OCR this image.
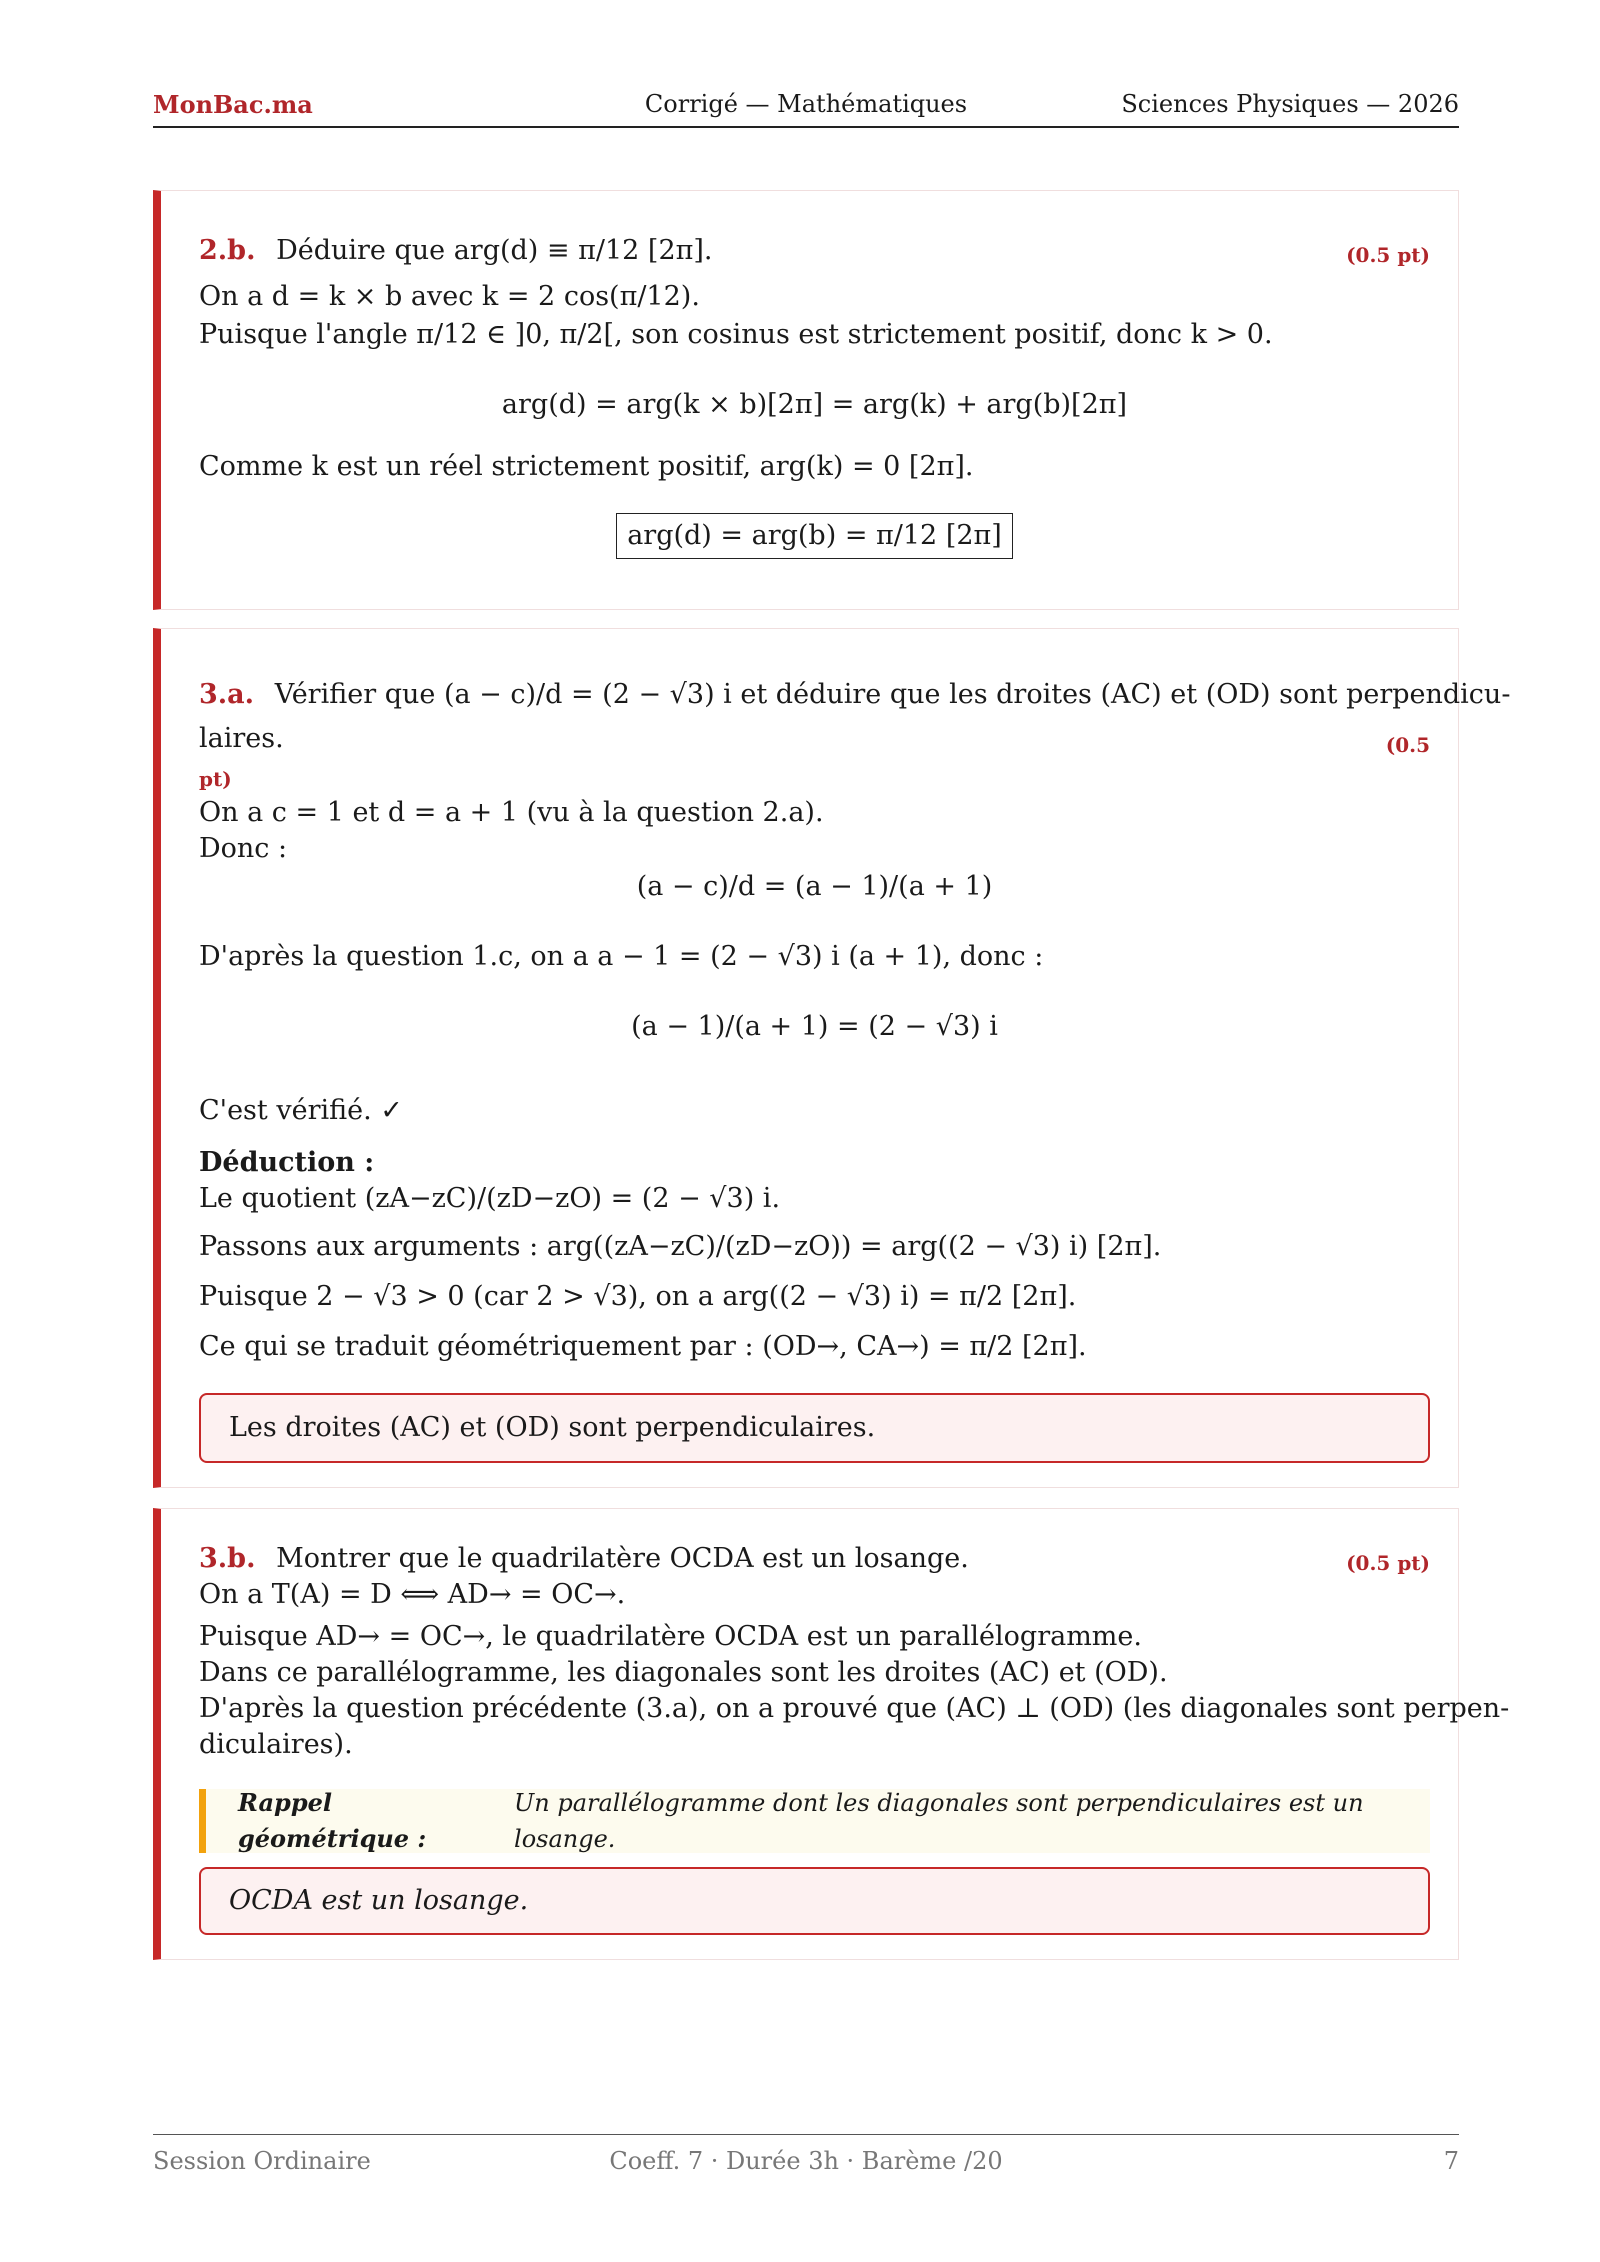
MonBac.ma	Corrigé — Mathématiques	Sciences Physiques — 2026
2.b. Déduire que arg(d) ≡ π/12 [2π].	(0.5 pt)
On a d = k × b avec k = 2 cos(π/12).
Puisque l'angle π/12 ∈ ]0, π/2[, son cosinus est strictement positif, donc k > 0.
arg(d) = arg(k × b)[2π] = arg(k) + arg(b)[2π]
Comme k est un réel strictement positif, arg(k) = 0 [2π].
arg(d) = arg(b) = π/12 [2π]
3.a. Vérifier que (a − c)/d = (2 − √3) i et déduire que les droites (AC) et (OD) sont perpendicu-
laires.	(0.5
pt)
On a c = 1 et d = a + 1 (vu à la question 2.a).
Donc :
(a − c)/d = (a − 1)/(a + 1)
D'après la question 1.c, on a a − 1 = (2 − √3) i (a + 1), donc :
(a − 1)/(a + 1) = (2 − √3) i
C'est vérifié. ✓
Déduction :
Le quotient (zA−zC)/(zD−zO) = (2 − √3) i.
Passons aux arguments : arg((zA−zC)/(zD−zO)) = arg((2 − √3) i) [2π].
Puisque 2 − √3 > 0 (car 2 > √3), on a arg((2 − √3) i) = π/2 [2π].
Ce qui se traduit géométriquement par : (OD→, CA→) = π/2 [2π].
Les droites (AC) et (OD) sont perpendiculaires.
3.b. Montrer que le quadrilatère OCDA est un losange.	(0.5 pt)
On a T(A) = D ⟺ AD→ = OC→.
Puisque AD→ = OC→, le quadrilatère OCDA est un parallélogramme.
Dans ce parallélogramme, les diagonales sont les droites (AC) et (OD).
D'après la question précédente (3.a), on a prouvé que (AC) ⊥ (OD) (les diagonales sont perpen-
diculaires).
Rappel géométrique :
Un parallélogramme dont les diagonales sont perpendiculaires est un losange.
OCDA est un losange.
Session Ordinaire	Coeff. 7 · Durée 3h · Barème /20	7
